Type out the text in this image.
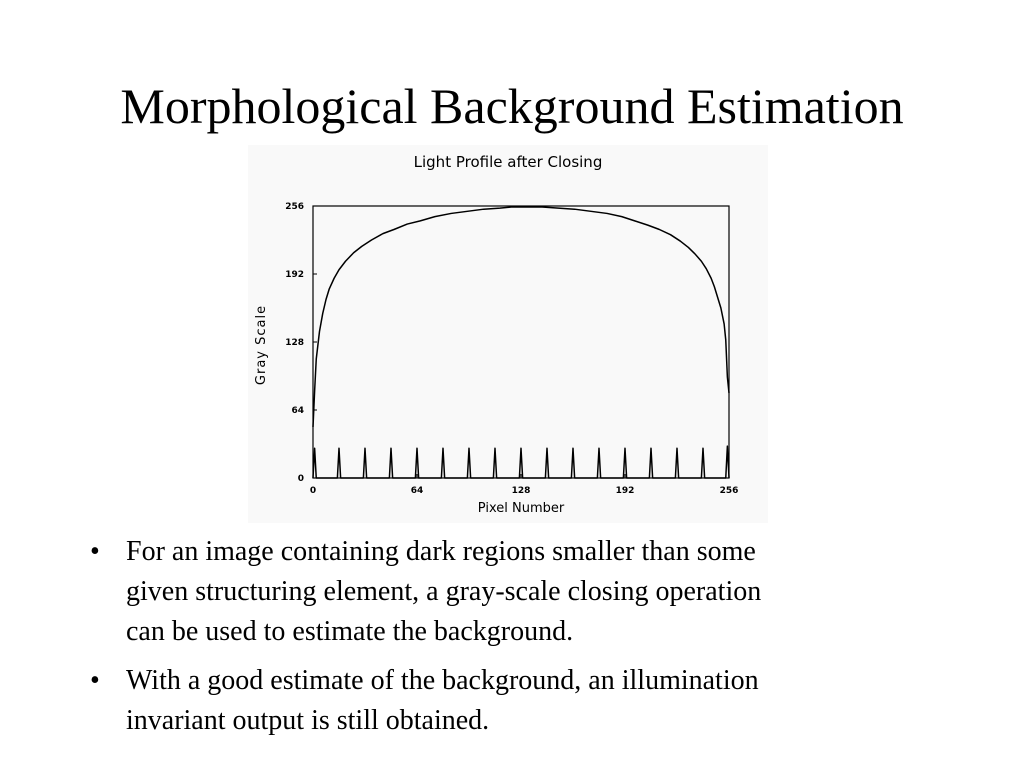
Morphological Background Estimation
Light Profile after Closing
0	64	128	192	256
0
64
128
192
256
Pixel Number
Gray Scale
• For an image containing dark regions smaller than some
given structuring element, a gray-scale closing operation
can be used to estimate the background.
• With a good estimate of the background, an illumination
invariant output is still obtained.
